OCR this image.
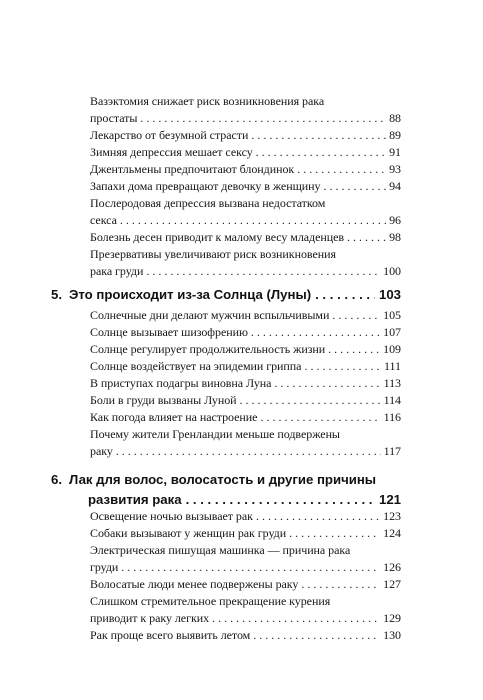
Вазэктомия снижает риск возникновения рака
простаты . . .	88
Лекарство от безумной страсти . . .	89
Зимняя депрессия мешает сексу . . .	91
Джентльмены предпочитают блондинок . . .	93
Запахи дома превращают девочку в женщину . . .	94
Послеродовая депрессия вызвана недостатком
секса . . .	96
Болезнь десен приводит к малому весу младенцев . . .	98
Презервативы увеличивают риск возникновения
рака груди . . .	100
5. Это происходит из-за Солнца (Луны) . . .	103
Солнечные дни делают мужчин вспыльчивыми . . .	105
Солнце вызывает шизофрению . . .	107
Солнце регулирует продолжительность жизни . . .	109
Солнце воздействует на эпидемии гриппа . . .	111
В приступах подагры виновна Луна . . .	113
Боли в груди вызваны Луной . . .	114
Как погода влияет на настроение . . .	116
Почему жители Гренландии меньше подвержены
раку . . .	117
6. Лак для волос, волосатость и другие причины
развития рака . . .	121
Освещение ночью вызывает рак . . .	123
Собаки вызывают у женщин рак груди . . .	124
Электрическая пишущая машинка — причина рака
груди . . .	126
Волосатые люди менее подвержены раку . . .	127
Слишком стремительное прекращение курения
приводит к раку легких . . .	129
Рак проще всего выявить летом . . .	130
